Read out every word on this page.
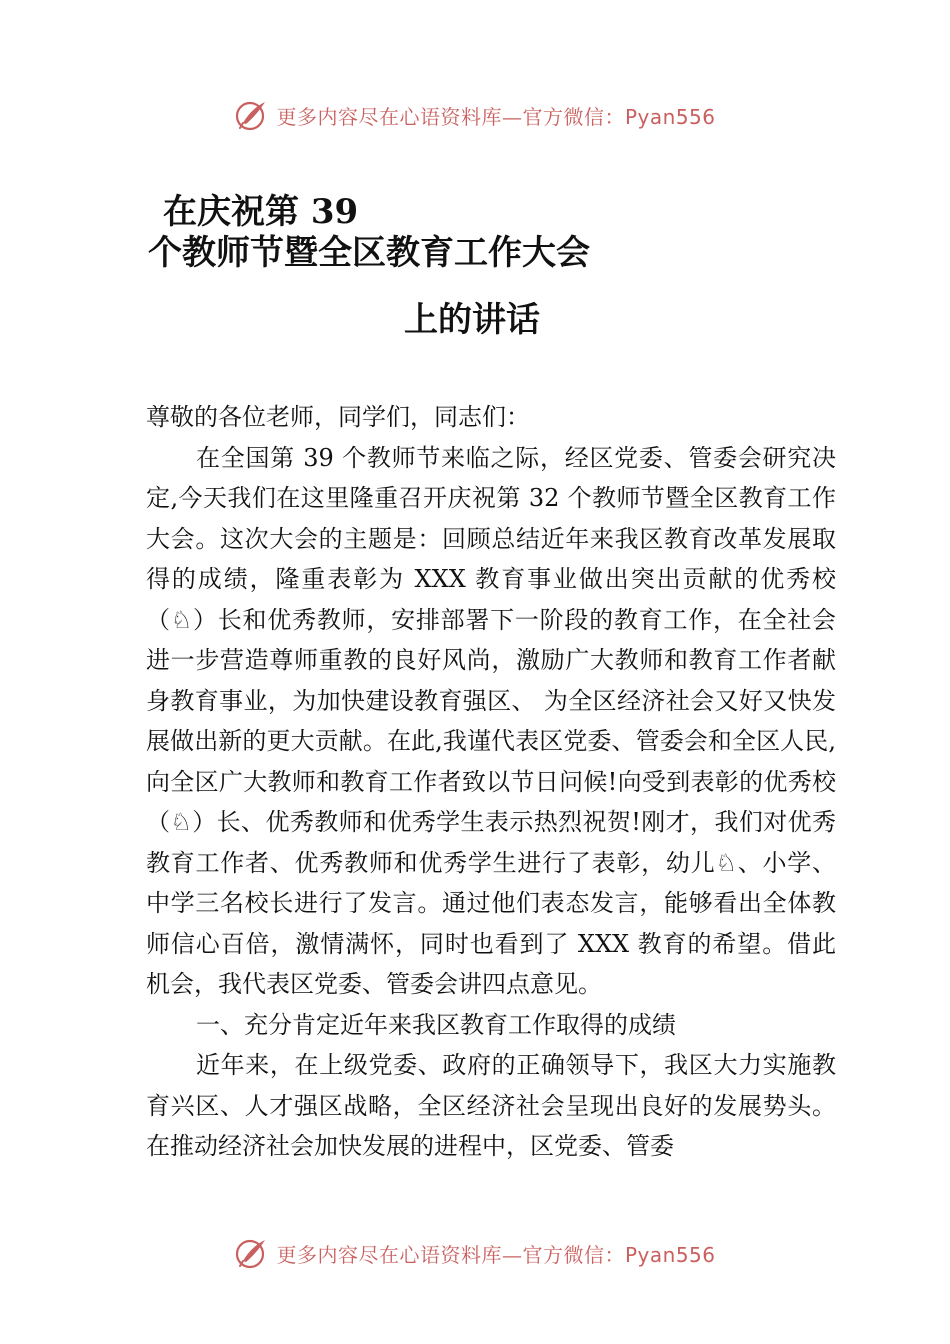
更多内容尽在心语资料库—官方微信：Pyan556
在庆祝第 39
个教师节暨全区教育工作大会
上的讲话

尊敬的各位老师，同学们，同志们：

在全国第 39 个教师节来临之际，经区党委、管委会研究决定,今天我们在这里隆重召开庆祝第 32 个教师节暨全区教育工作大会。这次大会的主题是：回顾总结近年来我区教育改革发展取得的成绩，隆重表彰为 XXX 教育事业做出突出贡献的优秀校（♘）长和优秀教师，安排部署下一阶段的教育工作，在全社会进一步营造尊师重教的良好风尚，激励广大教师和教育工作者献身教育事业，为加快建设教育强区、 为全区经济社会又好又快发展做出新的更大贡献。在此,我谨代表区党委、管委会和全区人民, 向全区广大教师和教育工作者致以节日问候!向受到表彰的优秀校（♘）长、优秀教师和优秀学生表示热烈祝贺!刚才，我们对优秀教育工作者、优秀教师和优秀学生进行了表彰，幼儿♘、小学、中学三名校长进行了发言。通过他们表态发言，能够看出全体教师信心百倍，激情满怀，同时也看到了 XXX 教育的希望。借此机会，我代表区党委、管委会讲四点意见。

一、充分肯定近年来我区教育工作取得的成绩

近年来，在上级党委、政府的正确领导下，我区大力实施教育兴区、人才强区战略，全区经济社会呈现出良好的发展势头。在推动经济社会加快发展的进程中，区党委、管委

更多内容尽在心语资料库—官方微信：Pyan556
